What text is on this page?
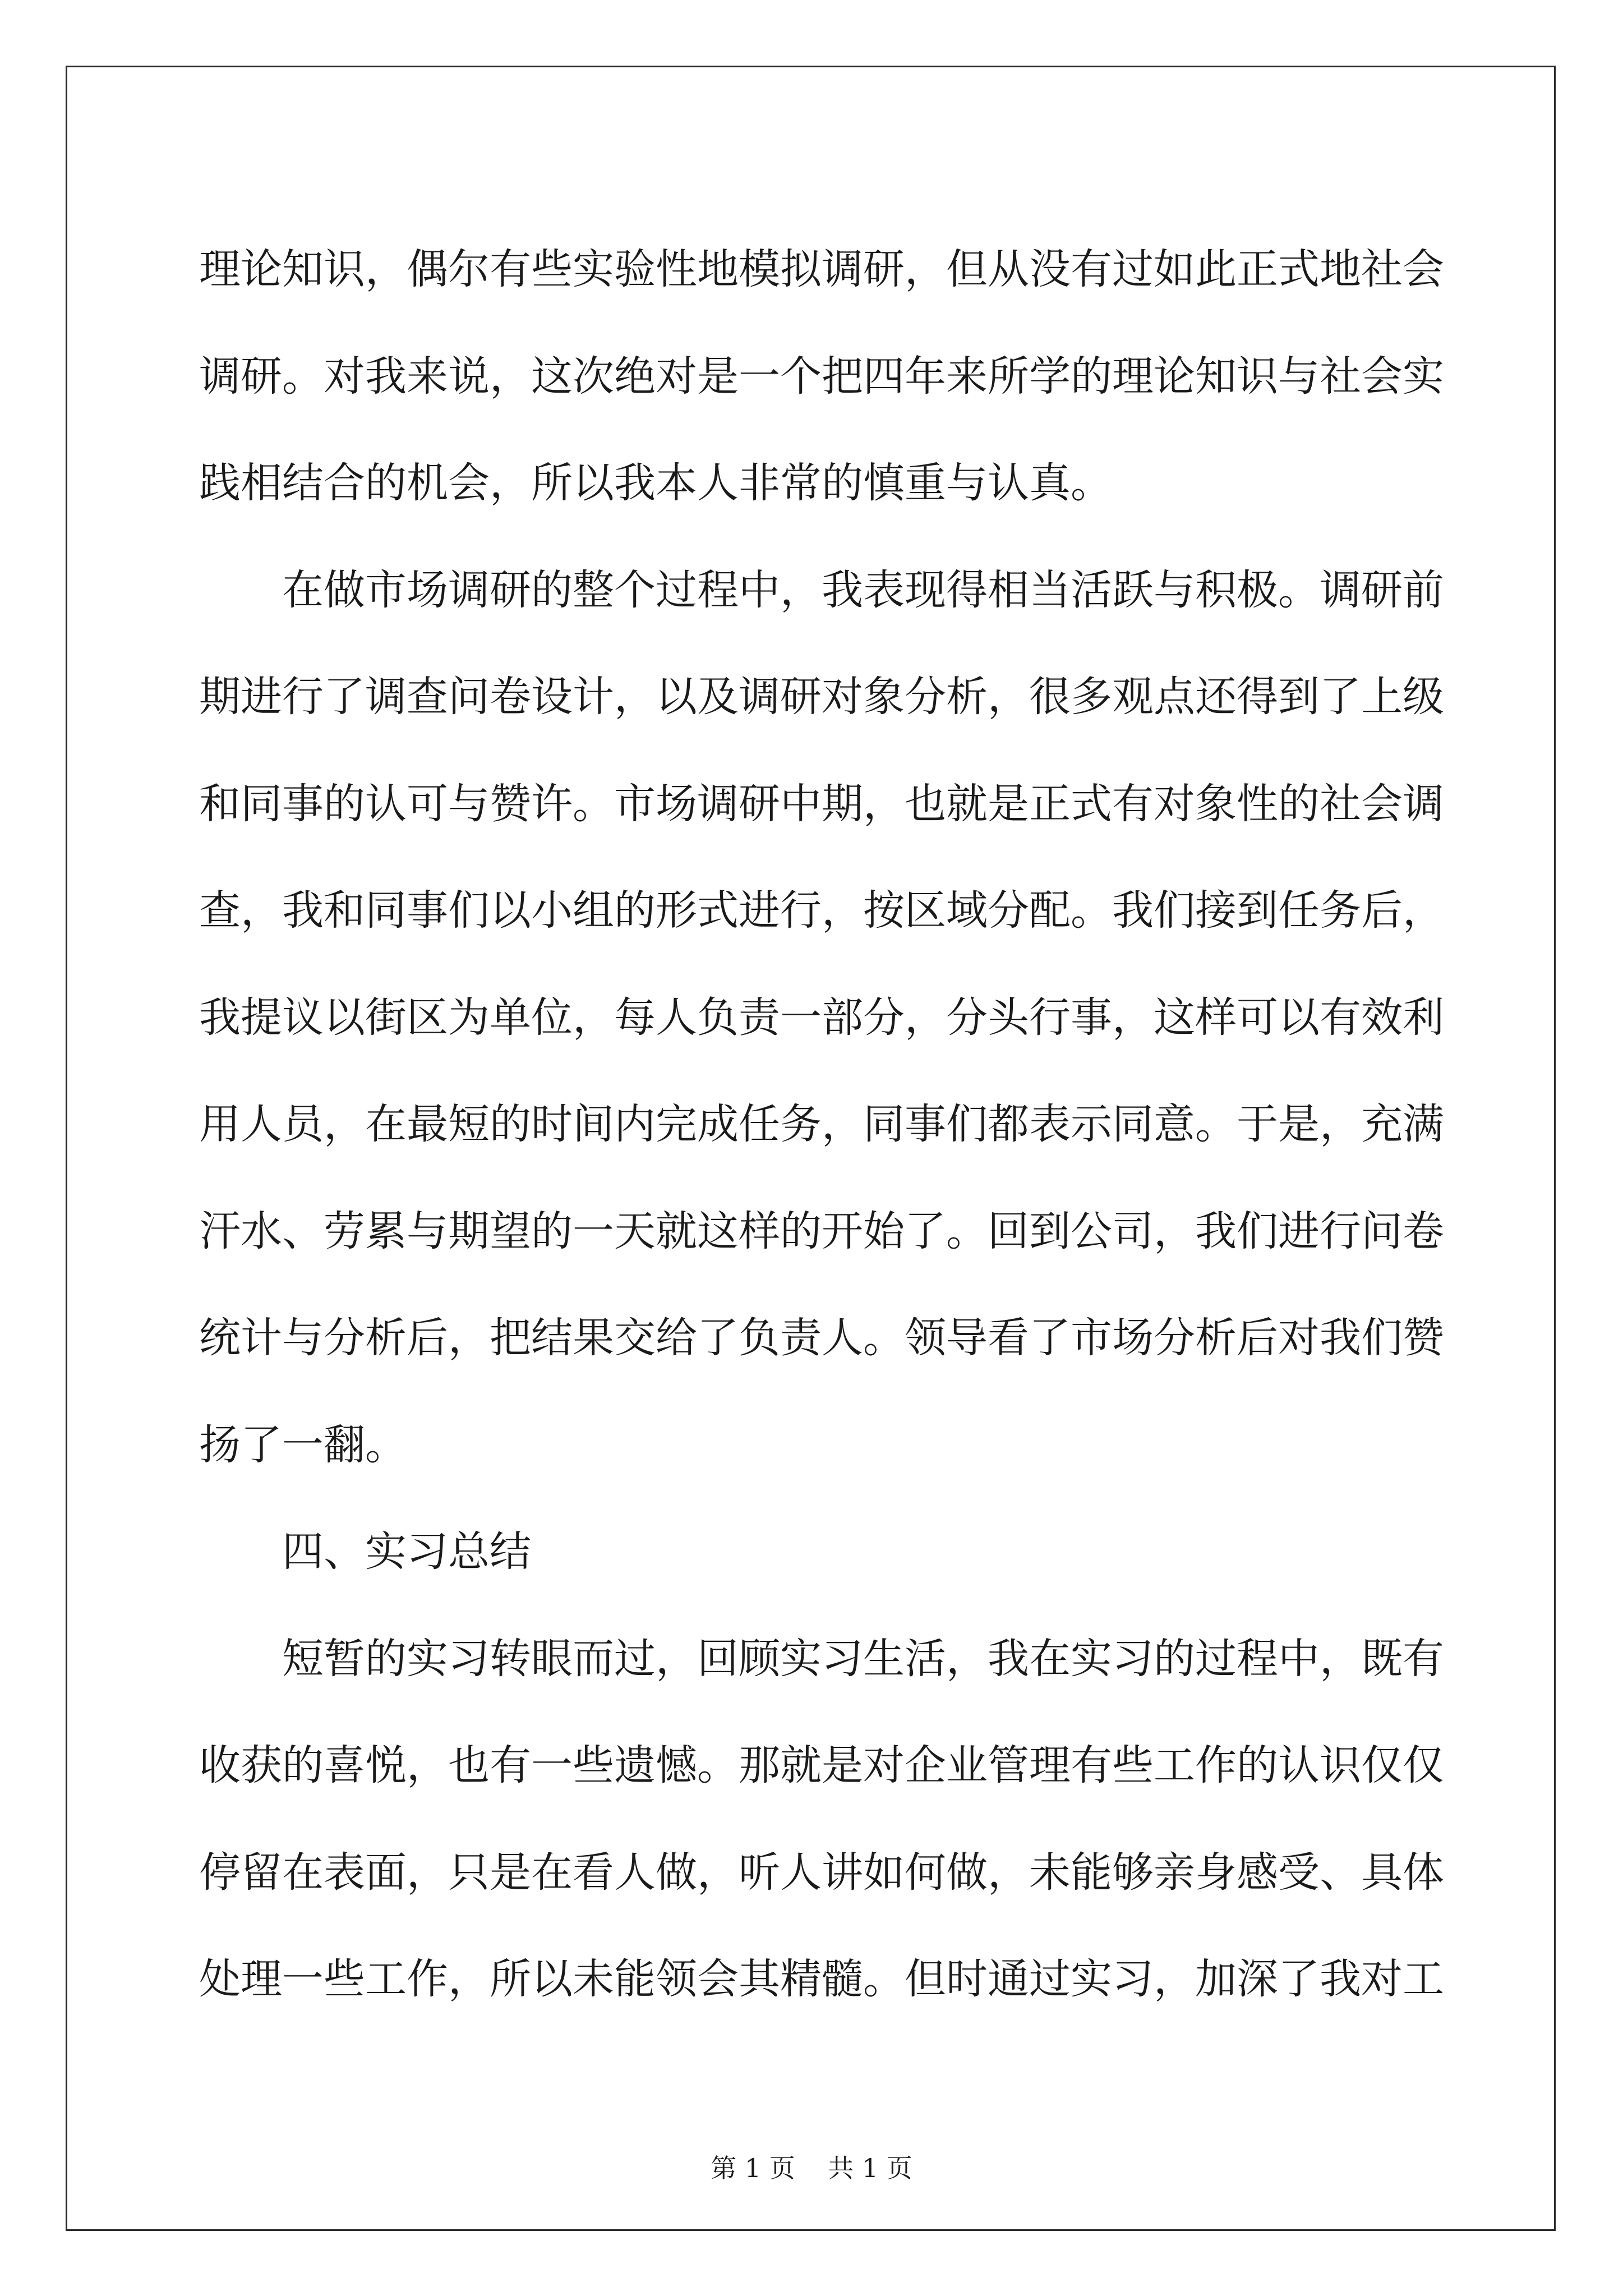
理论知识，偶尔有些实验性地模拟调研，但从没有过如此正式地社会
调研。对我来说，这次绝对是一个把四年来所学的理论知识与社会实
践相结合的机会，所以我本人非常的慎重与认真。
在做市场调研的整个过程中，我表现得相当活跃与积极。调研前
期进行了调查问卷设计，以及调研对象分析，很多观点还得到了上级
和同事的认可与赞许。市场调研中期，也就是正式有对象性的社会调
查，我和同事们以小组的形式进行，按区域分配。我们接到任务后，
我提议以街区为单位，每人负责一部分，分头行事，这样可以有效利
用人员，在最短的时间内完成任务，同事们都表示同意。于是，充满
汗水、劳累与期望的一天就这样的开始了。回到公司，我们进行问卷
统计与分析后，把结果交给了负责人。领导看了市场分析后对我们赞
扬了一翻。
四、实习总结
短暂的实习转眼而过，回顾实习生活，我在实习的过程中，既有
收获的喜悦，也有一些遗憾。那就是对企业管理有些工作的认识仅仅
停留在表面，只是在看人做，听人讲如何做，未能够亲身感受、具体
处理一些工作，所以未能领会其精髓。但时通过实习，加深了我对工
第 1 页    共 1 页
